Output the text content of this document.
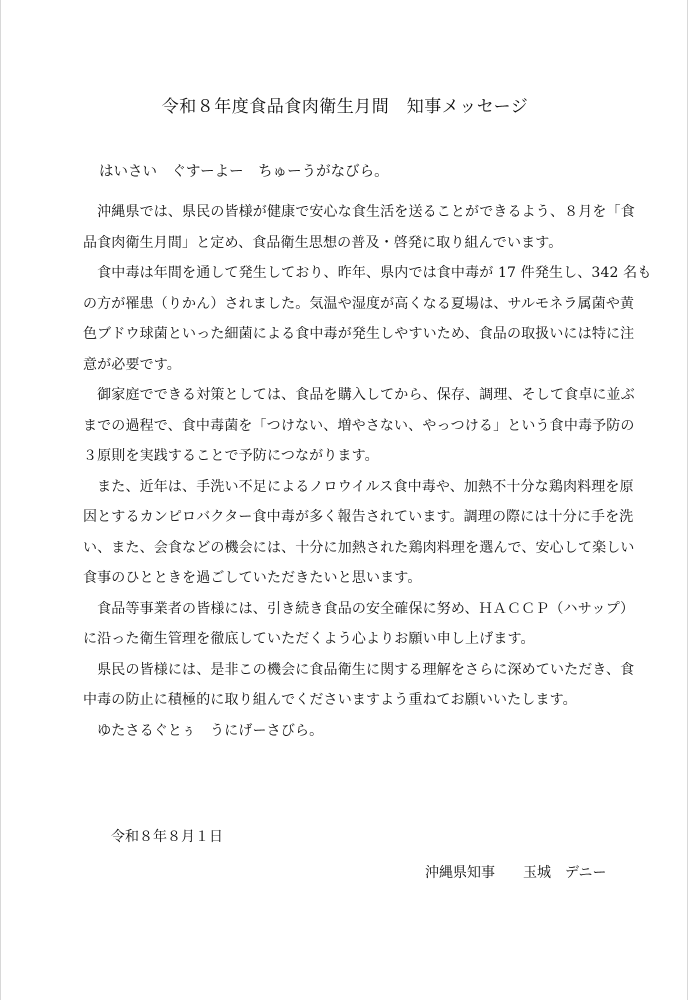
令和８年度食品食肉衛生月間　知事メッセージ
はいさい　ぐすーよー　ちゅーうがなびら。
　沖縄県では、県民の皆様が健康で安心な食生活を送ることができるよう、８月を「食
品食肉衛生月間」と定め、食品衛生思想の普及・啓発に取り組んでいます。
　食中毒は年間を通して発生しており、昨年、県内では食中毒が 17 件発生し、342 名も
の方が罹患（りかん）されました。気温や湿度が高くなる夏場は、サルモネラ属菌や黄
色ブドウ球菌といった細菌による食中毒が発生しやすいため、食品の取扱いには特に注
意が必要です。
　御家庭でできる対策としては、食品を購入してから、保存、調理、そして食卓に並ぶ
までの過程で、食中毒菌を「つけない、増やさない、やっつける」という食中毒予防の
３原則を実践することで予防につながります。
　また、近年は、手洗い不足によるノロウイルス食中毒や、加熱不十分な鶏肉料理を原
因とするカンピロバクター食中毒が多く報告されています。調理の際には十分に手を洗
い、また、会食などの機会には、十分に加熱された鶏肉料理を選んで、安心して楽しい
食事のひとときを過ごしていただきたいと思います。
　食品等事業者の皆様には、引き続き食品の安全確保に努め、ＨＡＣＣＰ（ハサップ）
に沿った衛生管理を徹底していただくよう心よりお願い申し上げます。
　県民の皆様には、是非この機会に食品衛生に関する理解をさらに深めていただき、食
中毒の防止に積極的に取り組んでくださいますよう重ねてお願いいたします。
　ゆたさるぐとぅ　うにげーさびら。
令和８年８月１日
沖縄県知事　　玉城　デニー
